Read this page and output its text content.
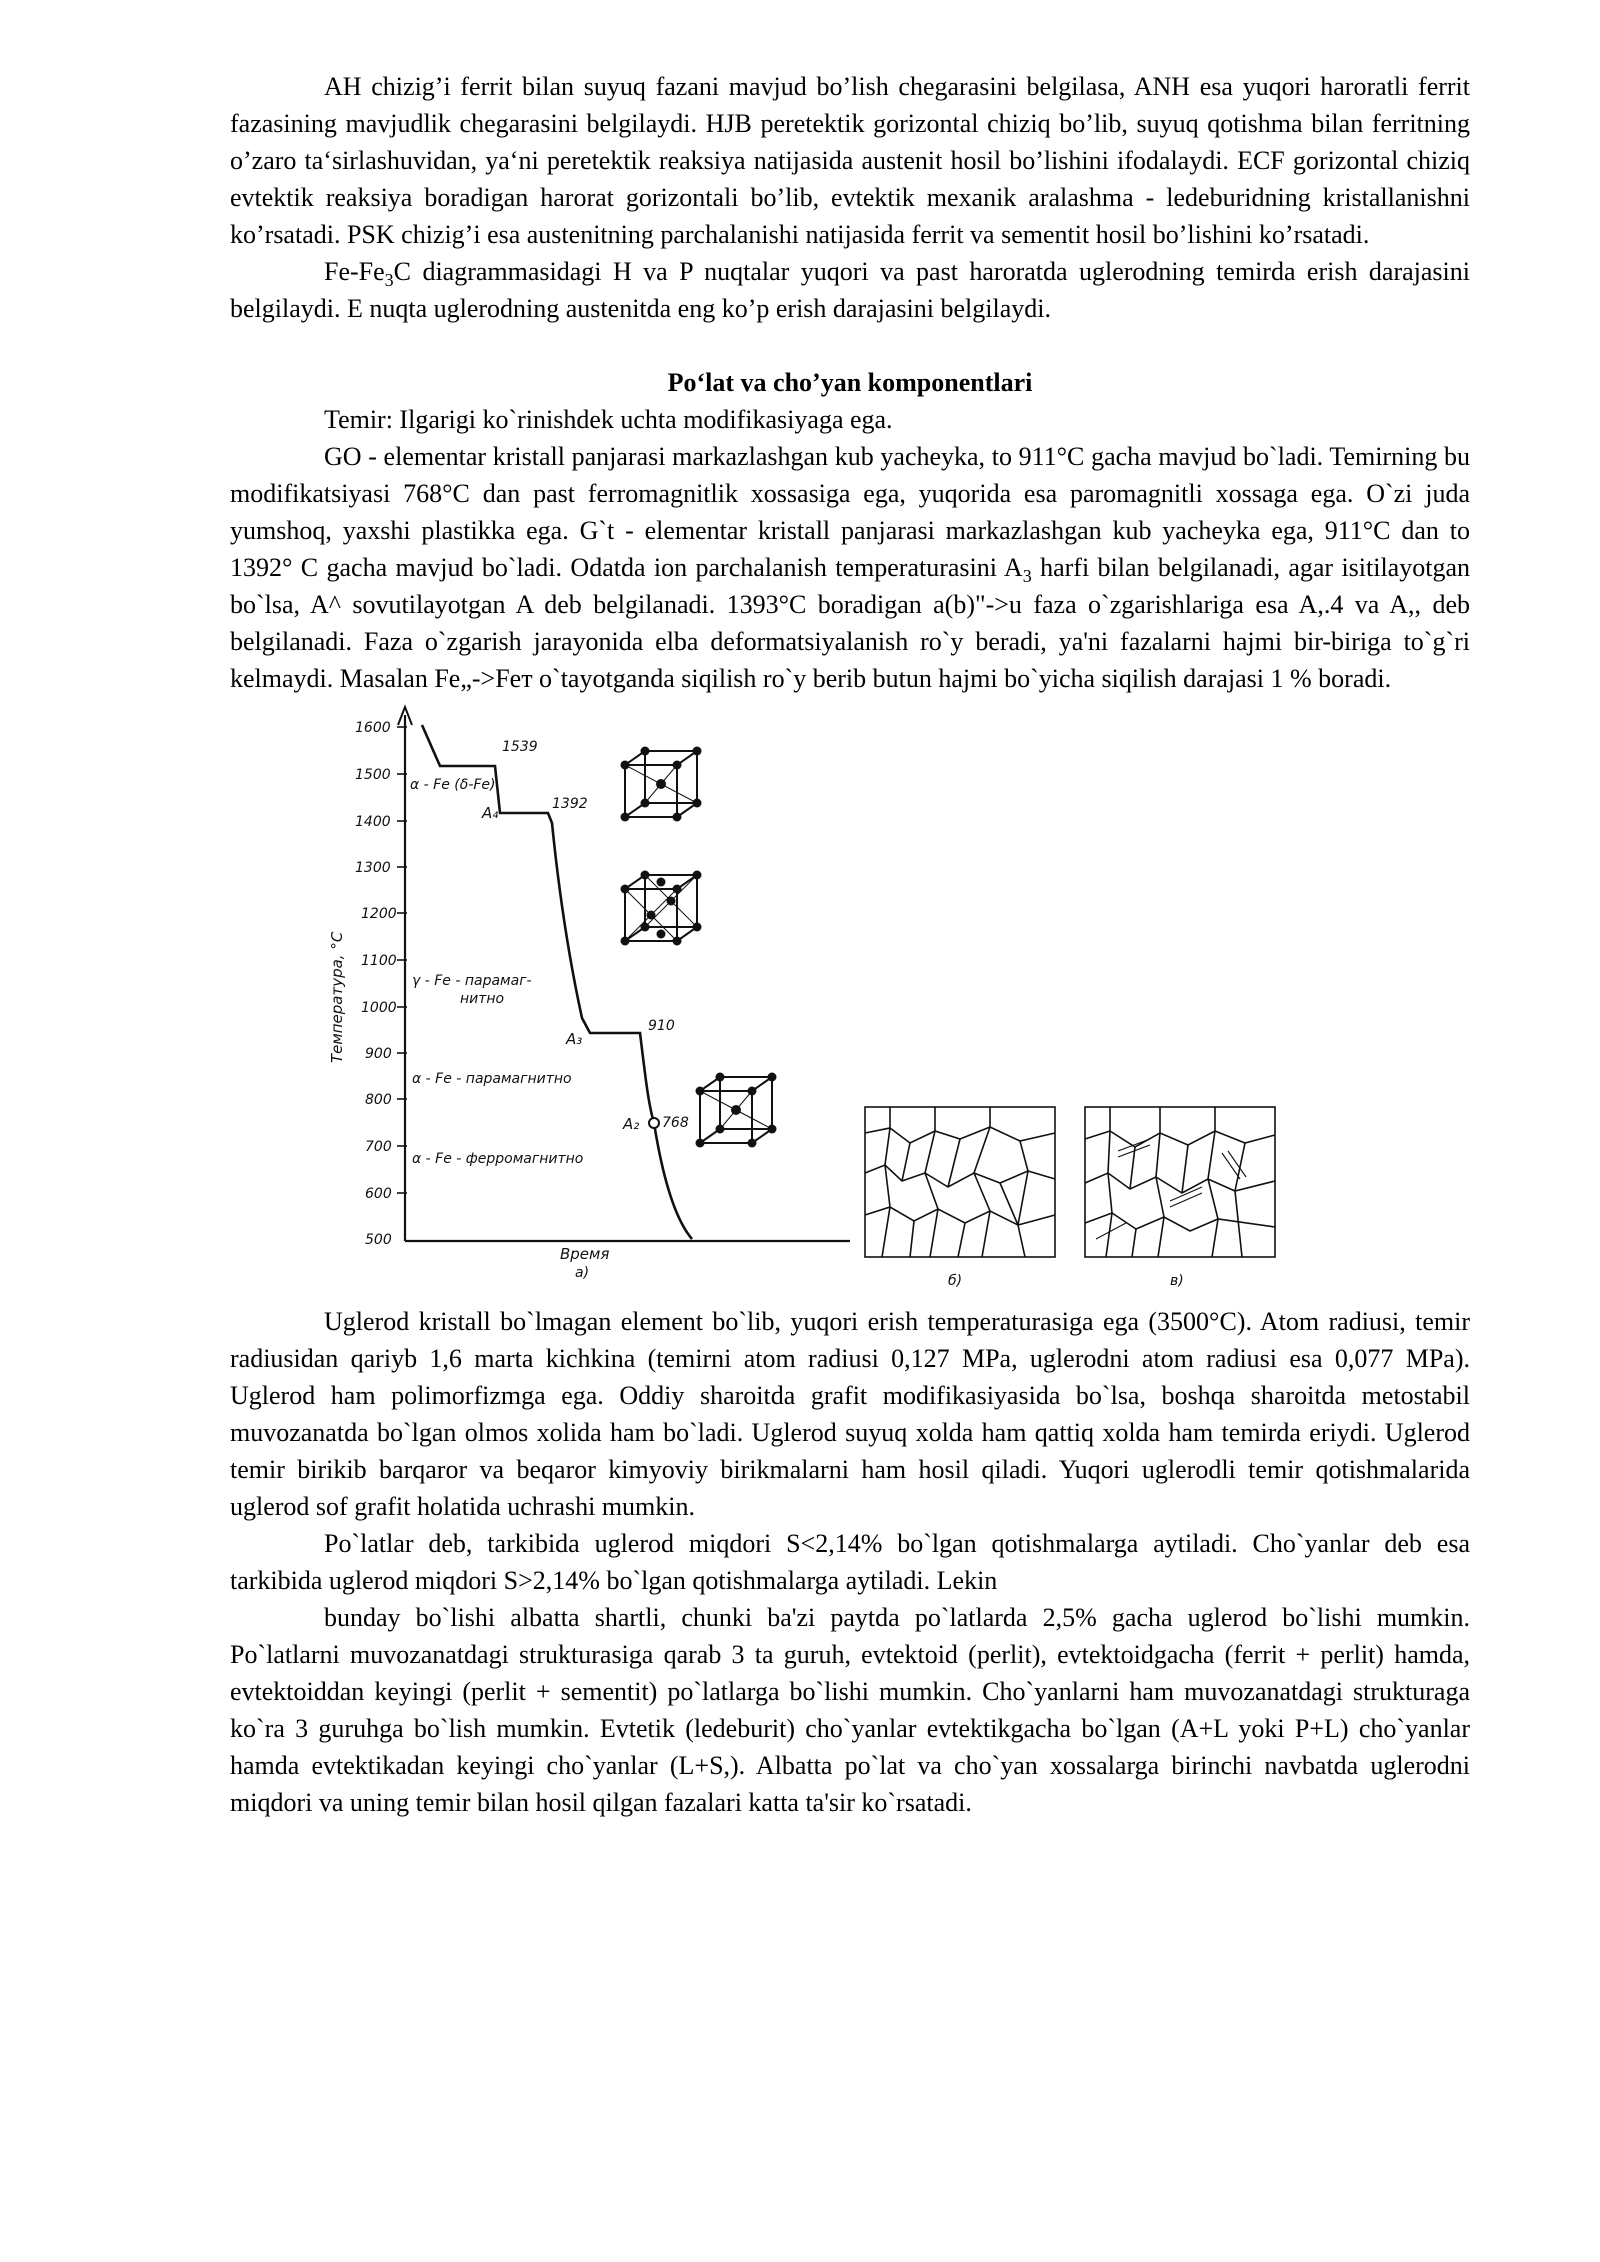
AH chizig’i ferrit bilan suyuq fazani mavjud bo’lish chegarasini belgilasa, ANH esa yuqori haroratli ferrit fazasining mavjudlik chegarasini belgilaydi. HJB peretektik gorizontal chiziq bo’lib, suyuq qotishma bilan ferritning o’zaro ta‘sirlashuvidan, ya‘ni peretektik reaksiya natijasida austenit hosil bo’lishini ifodalaydi. ECF gorizontal chiziq evtektik reaksiya boradigan harorat gorizontali bo’lib, evtektik mexanik aralashma - ledeburidning kristallanishni ko’rsatadi. PSK chizig’i esa austenitning parchalanishi natijasida ferrit va sementit hosil bo’lishini ko’rsatadi.

$Fe-Fe_3C$ diagrammasidagi H va P nuqtalar yuqori va past haroratda uglerodning temirda erish darajasini belgilaydi. E nuqta uglerodning austenitda eng ko’p erish darajasini belgilaydi.

Po‘lat va cho’yan komponentlari

Temir: Ilgarigi ko`rinishdek uchta modifikasiyaga ega.

GO - elementar kristall panjarasi markazlashgan kub yacheyka, to 911°C gacha mavjud bo`ladi. Temirning bu modifikatsiyasi 768°C dan past ferromagnitlik xossasiga ega, yuqorida esa paromagnitli xossaga ega. O`zi juda yumshoq, yaxshi plastikka ega. G`t - elementar kristall panjarasi markazlashgan kub yacheyka ega, 911°C dan to 1392° C gacha mavjud bo`ladi. Odatda ion parchalanish temperaturasini $A_3$ harfi bilan belgilanadi, agar isitilayotgan bo`lsa, A^ sovutilayotgan A deb belgilanadi. 1393°C boradigan a(b)"->u faza o`zgarishlariga esa A,.4 va A,, deb belgilanadi. Faza o`zgarish jarayonida elba deformatsiyalanish ro`y beradi, ya'ni fazalarni hajmi bir-biriga to`g`ri kelmaydi. Masalan Fe„->Fет o`tayotganda siqilish ro`y berib butun hajmi bo`yicha siqilish darajasi 1 % boradi.

1600
1500
1400
1300
1200
1100
1000
900
800
700
600
500
Температура, °С
1539
1392
910
768
A₄
A₃
A₂
α - Fe (δ-Fe)
γ - Fe - парамаг-
нитно
α - Fe - парамагнитно
α - Fe - ферромагнитно
Время
а)	б)	в)

Uglerod kristall bo`lmagan element bo`lib, yuqori erish temperaturasiga ega (3500°C). Atom radiusi, temir radiusidan qariyb 1,6 marta kichkina (temirni atom radiusi 0,127 MPa, uglerodni atom radiusi esa 0,077 MPa). Uglerod ham polimorfizmga ega. Oddiy sharoitda grafit modifikasiyasida bo`lsa, boshqa sharoitda metostabil muvozanatda bo`lgan olmos xolida ham bo`ladi. Uglerod suyuq xolda ham qattiq xolda ham temirda eriydi. Uglerod temir birikib barqaror va beqaror kimyoviy birikmalarni ham hosil qiladi. Yuqori uglerodli temir qotishmalarida uglerod sof grafit holatida uchrashi mumkin.

Po`latlar deb, tarkibida uglerod miqdori S<2,14% bo`lgan qotishmalarga aytiladi. Cho`yanlar deb esa tarkibida uglerod miqdori S>2,14% bo`lgan qotishmalarga aytiladi. Lekin

bunday bo`lishi albatta shartli, chunki ba'zi paytda po`latlarda 2,5% gacha uglerod bo`lishi mumkin. Po`latlarni muvozanatdagi strukturasiga qarab 3 ta guruh, evtektoid (perlit), evtektoidgacha (ferrit + perlit) hamda, evtektoiddan keyingi (perlit + sementit) po`latlarga bo`lishi mumkin. Cho`yanlarni ham muvozanatdagi strukturaga ko`ra 3 guruhga bo`lish mumkin. Evtetik (ledeburit) cho`yanlar evtektikgacha bo`lgan (A+L yoki P+L) cho`yanlar hamda evtektikadan keyingi cho`yanlar (L+S,). Albatta po`lat va cho`yan xossalarga birinchi navbatda uglerodni miqdori va uning temir bilan hosil qilgan fazalari katta ta'sir ko`rsatadi.
